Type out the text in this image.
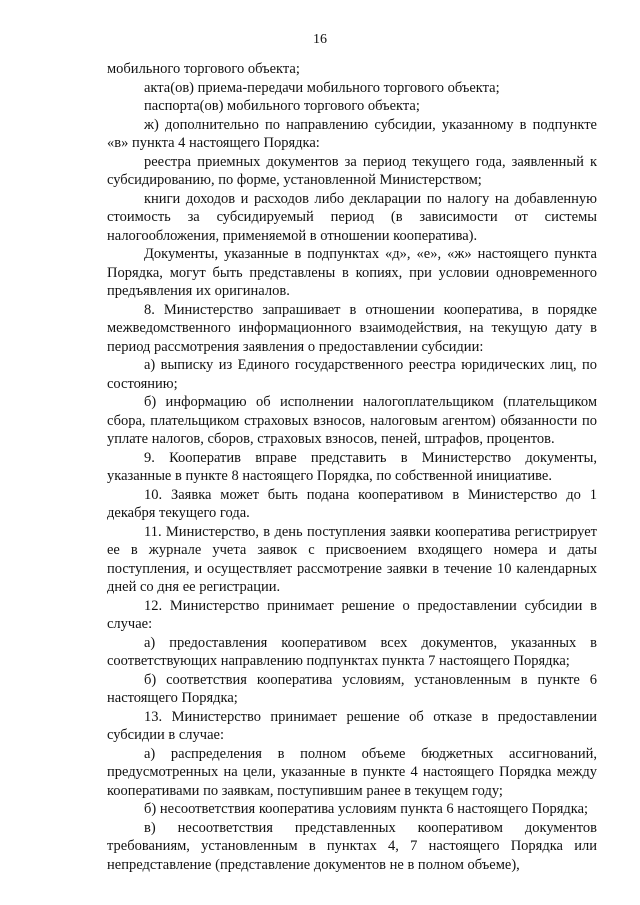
16

мобильного торгового объекта;

акта(ов) приема-передачи мобильного торгового объекта;

паспорта(ов) мобильного торгового объекта;

ж) дополнительно по направлению субсидии, указанному в подпункте «в» пункта 4 настоящего Порядка:

реестра приемных документов за период текущего года, заявленный к субсидированию, по форме, установленной Министерством;

книги доходов и расходов либо декларации по налогу на добавленную стоимость за субсидируемый период (в зависимости от системы налогообложения, применяемой в отношении кооператива).

Документы, указанные в подпунктах «д», «е», «ж» настоящего пункта Порядка, могут быть представлены в копиях, при условии одновременного предъявления их оригиналов.

8. Министерство запрашивает в отношении кооператива, в порядке межведомственного информационного взаимодействия, на текущую дату в период рассмотрения заявления о предоставлении субсидии:

а) выписку из Единого государственного реестра юридических лиц, по состоянию;

б) информацию об исполнении налогоплательщиком (плательщиком сбора, плательщиком страховых взносов, налоговым агентом) обязанности по уплате налогов, сборов, страховых взносов, пеней, штрафов, процентов.

9. Кооператив вправе представить в Министерство документы, указанные в пункте 8 настоящего Порядка, по собственной инициативе.

10. Заявка может быть подана кооперативом в Министерство до 1 декабря текущего года.

11. Министерство, в день поступления заявки кооператива регистрирует ее в журнале учета заявок с присвоением входящего номера и даты поступления, и осуществляет рассмотрение заявки в течение 10 календарных дней со дня ее регистрации.

12. Министерство принимает решение о предоставлении субсидии в случае:

а) предоставления кооперативом всех документов, указанных в соответствующих направлению подпунктах пункта 7 настоящего Порядка;

б) соответствия кооператива условиям, установленным в пункте 6 настоящего Порядка;

13. Министерство принимает решение об отказе в предоставлении субсидии в случае:

а) распределения в полном объеме бюджетных ассигнований, предусмотренных на цели, указанные в пункте 4 настоящего Порядка между кооперативами по заявкам, поступившим ранее в текущем году;

б) несоответствия кооператива условиям пункта 6 настоящего Порядка;

в) несоответствия представленных кооперативом документов требованиям, установленным в пунктах 4, 7 настоящего Порядка или непредставление (представление документов не в полном объеме),
